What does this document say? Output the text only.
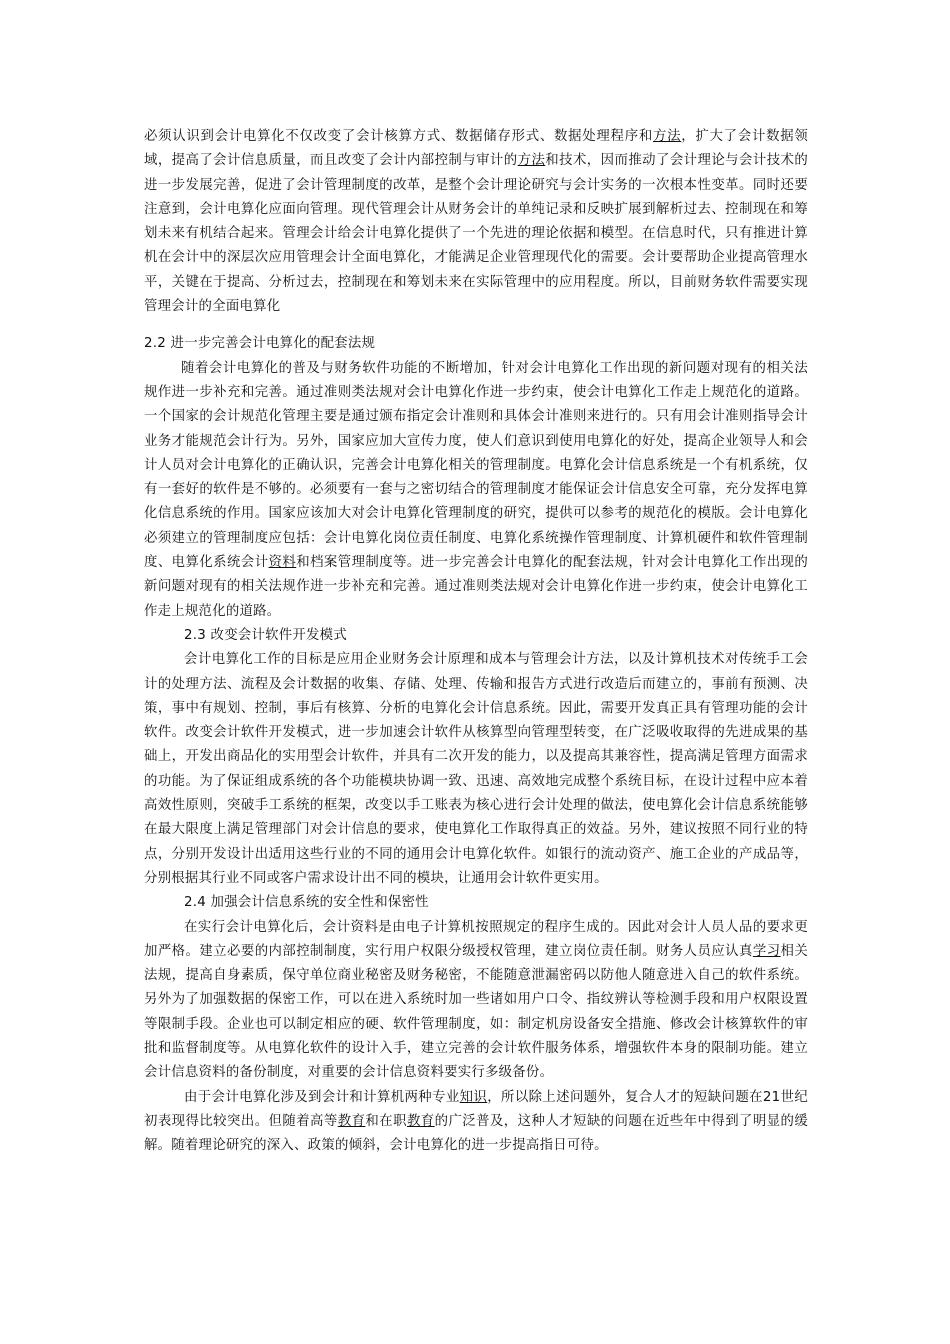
必须认识到会计电算化不仅改变了会计核算方式、数据储存形式、数据处理程序和方法，扩大了会计数据领域，提高了会计信息质量，而且改变了会计内部控制与审计的方法和技术，因而推动了会计理论与会计技术的进一步发展完善，促进了会计管理制度的改革，是整个会计理论研究与会计实务的一次根本性变革。同时还要注意到，会计电算化应面向管理。现代管理会计从财务会计的单纯记录和反映扩展到解析过去、控制现在和筹划未来有机结合起来。管理会计给会计电算化提供了一个先进的理论依据和模型。在信息时代，只有推进计算机在会计中的深层次应用管理会计全面电算化，才能满足企业管理现代化的需要。会计要帮助企业提高管理水平，关键在于提高、分析过去，控制现在和筹划未来在实际管理中的应用程度。所以，目前财务软件需要实现管理会计的全面电算化

2.2 进一步完善会计电算化的配套法规

随着会计电算化的普及与财务软件功能的不断增加，针对会计电算化工作出现的新问题对现有的相关法规作进一步补充和完善。通过准则类法规对会计电算化作进一步约束，使会计电算化工作走上规范化的道路。一个国家的会计规范化管理主要是通过颁布指定会计准则和具体会计准则来进行的。只有用会计准则指导会计业务才能规范会计行为。另外，国家应加大宣传力度，使人们意识到使用电算化的好处，提高企业领导人和会计人员对会计电算化的正确认识，完善会计电算化相关的管理制度。电算化会计信息系统是一个有机系统，仅有一套好的软件是不够的。必须要有一套与之密切结合的管理制度才能保证会计信息安全可靠，充分发挥电算化信息系统的作用。国家应该加大对会计电算化管理制度的研究，提供可以参考的规范化的模版。会计电算化必须建立的管理制度应包括：会计电算化岗位责任制度、电算化系统操作管理制度、计算机硬件和软件管理制度、电算化系统会计资料和档案管理制度等。进一步完善会计电算化的配套法规，针对会计电算化工作出现的新问题对现有的相关法规作进一步补充和完善。通过准则类法规对会计电算化作进一步约束，使会计电算化工作走上规范化的道路。

2.3 改变会计软件开发模式

会计电算化工作的目标是应用企业财务会计原理和成本与管理会计方法，以及计算机技术对传统手工会计的处理方法、流程及会计数据的收集、存储、处理、传输和报告方式进行改造后而建立的，事前有预测、决策，事中有规划、控制，事后有核算、分析的电算化会计信息系统。因此，需要开发真正具有管理功能的会计软件。改变会计软件开发模式，进一步加速会计软件从核算型向管理型转变，在广泛吸收取得的先进成果的基础上，开发出商品化的实用型会计软件，并具有二次开发的能力，以及提高其兼容性，提高满足管理方面需求的功能。为了保证组成系统的各个功能模块协调一致、迅速、高效地完成整个系统目标，在设计过程中应本着高效性原则，突破手工系统的框架，改变以手工账表为核心进行会计处理的做法，使电算化会计信息系统能够在最大限度上满足管理部门对会计信息的要求，使电算化工作取得真正的效益。另外，建议按照不同行业的特点，分别开发设计出适用这些行业的不同的通用会计电算化软件。如银行的流动资产、施工企业的产成品等，分别根据其行业不同或客户需求设计出不同的模块，让通用会计软件更实用。

2.4 加强会计信息系统的安全性和保密性

在实行会计电算化后，会计资料是由电子计算机按照规定的程序生成的。因此对会计人员人品的要求更加严格。建立必要的内部控制制度，实行用户权限分级授权管理，建立岗位责任制。财务人员应认真学习相关法规，提高自身素质，保守单位商业秘密及财务秘密，不能随意泄漏密码以防他人随意进入自己的软件系统。另外为了加强数据的保密工作，可以在进入系统时加一些诸如用户口令、指纹辨认等检测手段和用户权限设置等限制手段。企业也可以制定相应的硬、软件管理制度，如：制定机房设备安全措施、修改会计核算软件的审批和监督制度等。从电算化软件的设计入手，建立完善的会计软件服务体系，增强软件本身的限制功能。建立会计信息资料的备份制度，对重要的会计信息资料要实行多级备份。

由于会计电算化涉及到会计和计算机两种专业知识，所以除上述问题外，复合人才的短缺问题在21世纪初表现得比较突出。但随着高等教育和在职教育的广泛普及，这种人才短缺的问题在近些年中得到了明显的缓解。随着理论研究的深入、政策的倾斜，会计电算化的进一步提高指日可待。
